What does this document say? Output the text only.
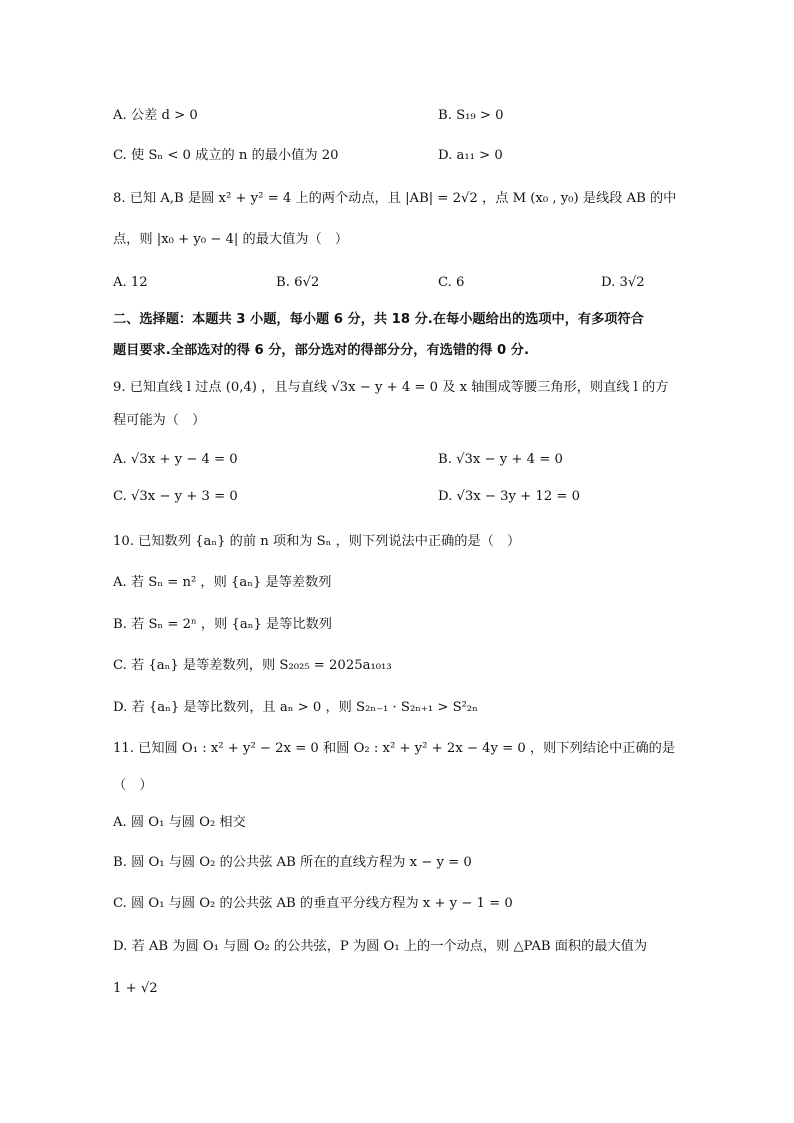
A. 公差 d > 0	B. S₁₉ > 0
C. 使 Sₙ < 0 成立的 n 的最小值为 20	D. a₁₁ > 0
8. 已知 A,B 是圆 x² + y² = 4 上的两个动点，且 |AB| = 2√2 ，点 M (x₀ , y₀) 是线段 AB 的中
点，则 |x₀ + y₀ − 4| 的最大值为（　）
A. 12	B. 6√2	C. 6	D. 3√2
二、选择题：本题共 3 小题，每小题 6 分，共 18 分.在每小题给出的选项中，有多项符合
题目要求.全部选对的得 6 分，部分选对的得部分分，有选错的得 0 分.
9. 已知直线 l 过点 (0,4) ，且与直线 √3x − y + 4 = 0 及 x 轴围成等腰三角形，则直线 l 的方
程可能为（　）
A. √3x + y − 4 = 0	B. √3x − y + 4 = 0
C. √3x − y + 3 = 0	D. √3x − 3y + 12 = 0
10. 已知数列 {aₙ} 的前 n 项和为 Sₙ ，则下列说法中正确的是（　）
A. 若 Sₙ = n² ，则 {aₙ} 是等差数列
B. 若 Sₙ = 2ⁿ ，则 {aₙ} 是等比数列
C. 若 {aₙ} 是等差数列，则 S₂₀₂₅ = 2025a₁₀₁₃
D. 若 {aₙ} 是等比数列，且 aₙ > 0 ，则 S₂ₙ₋₁ · S₂ₙ₊₁ > S²₂ₙ
11. 已知圆 O₁ : x² + y² − 2x = 0 和圆 O₂ : x² + y² + 2x − 4y = 0 ，则下列结论中正确的是
（　）
A. 圆 O₁ 与圆 O₂ 相交
B. 圆 O₁ 与圆 O₂ 的公共弦 AB 所在的直线方程为 x − y = 0
C. 圆 O₁ 与圆 O₂ 的公共弦 AB 的垂直平分线方程为 x + y − 1 = 0
D. 若 AB 为圆 O₁ 与圆 O₂ 的公共弦，P 为圆 O₁ 上的一个动点，则 △PAB 面积的最大值为
1 + √2
